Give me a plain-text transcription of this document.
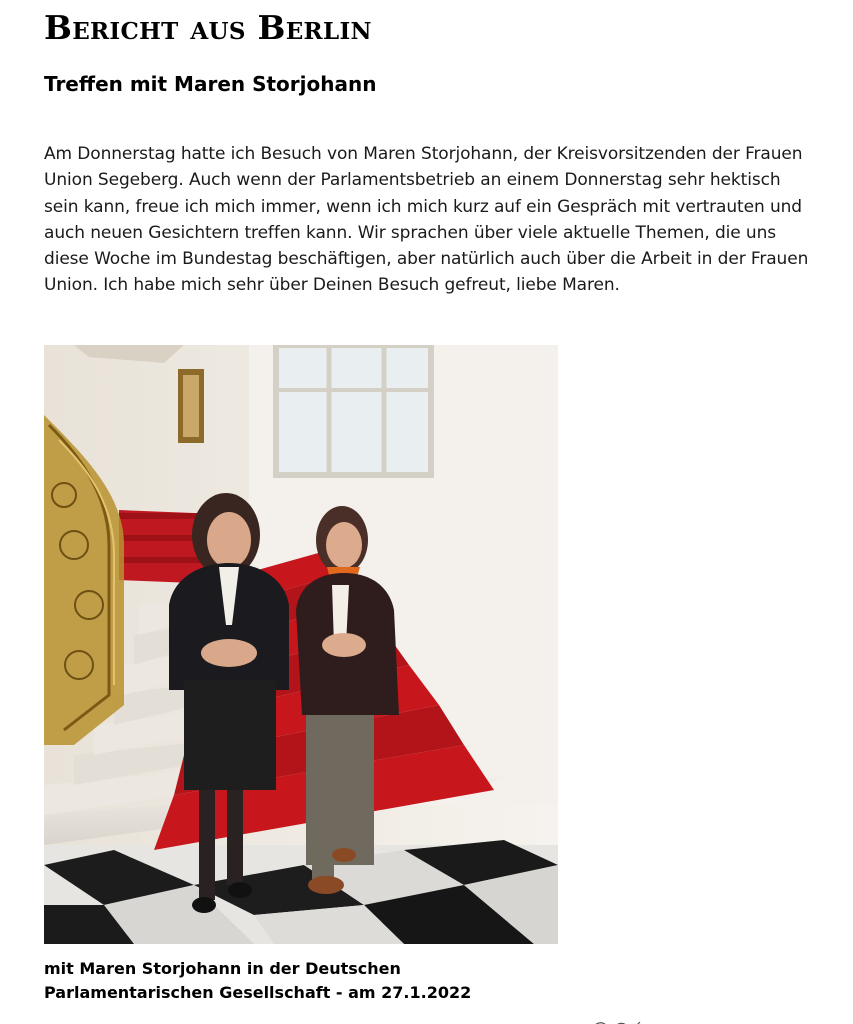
Bericht aus Berlin
Treffen mit Maren Storjohann

Am Donnerstag hatte ich Besuch von Maren Storjohann, der Kreisvorsitzenden der Frauen Union Segeberg. Auch wenn der Parlamentsbetrieb an einem Donnerstag sehr hektisch sein kann, freue ich mich immer, wenn ich mich kurz auf ein Gespräch mit vertrauten und auch neuen Gesichtern treffen kann. Wir sprachen über viele aktuelle Themen, die uns diese Woche im Bundestag beschäftigen, aber natürlich auch über die Arbeit in der Frauen Union. Ich habe mich sehr über Deinen Besuch gefreut, liebe Maren.

mit Maren Storjohann in der Deutschen
Parlamentarischen Gesellschaft - am 27.1.2022
